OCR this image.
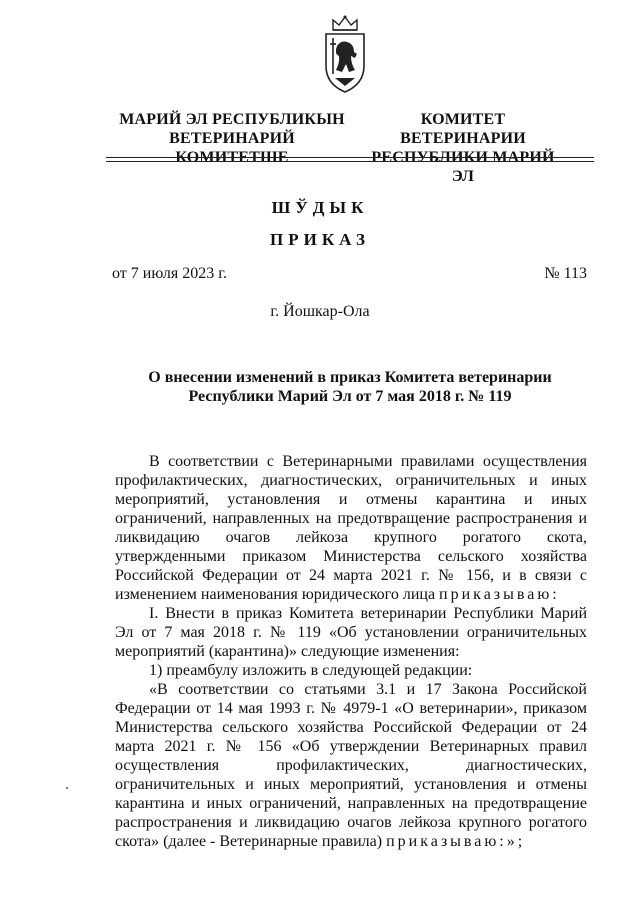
МАРИЙ ЭЛ РЕСПУБЛИКЫН
ВЕТЕРИНАРИЙ КОМИТЕТШЕ
КОМИТЕТ ВЕТЕРИНАРИИ
РЕСПУБЛИКИ МАРИЙ ЭЛ
ШЎДЫК
ПРИКАЗ
от 7 июля 2023 г.	№ 113
г. Йошкар-Ола
О внесении изменений в приказ Комитета ветеринарии
Республики Марий Эл от 7 мая 2018 г. № 119

В соответствии с Ветеринарными правилами осуществления профилактических, диагностических, ограничительных и иных мероприятий, установления и отмены карантина и иных ограничений, направленных на предотвращение распространения и ликвидацию очагов лейкоза крупного рогатого скота, утвержденными приказом Министерства сельского хозяйства Российской Федерации от 24 марта 2021 г. № 156, и в связи с изменением наименования юридического лица приказываю:

I. Внести в приказ Комитета ветеринарии Республики Марий Эл от 7 мая 2018 г. № 119 «Об установлении ограничительных мероприятий (карантина)» следующие изменения:

1) преамбулу изложить в следующей редакции:

«В соответствии со статьями 3.1 и 17 Закона Российской Федерации от 14 мая 1993 г. № 4979-1 «О ветеринарии», приказом Министерства сельского хозяйства Российской Федерации от 24 марта 2021 г. № 156 «Об утверждении Ветеринарных правил осуществления профилактических, диагностических, ограничительных и иных мероприятий, установления и отмены карантина и иных ограничений, направленных на предотвращение распространения и ликвидацию очагов лейкоза крупного рогатого скота» (далее - Ветеринарные правила) приказываю:»;
